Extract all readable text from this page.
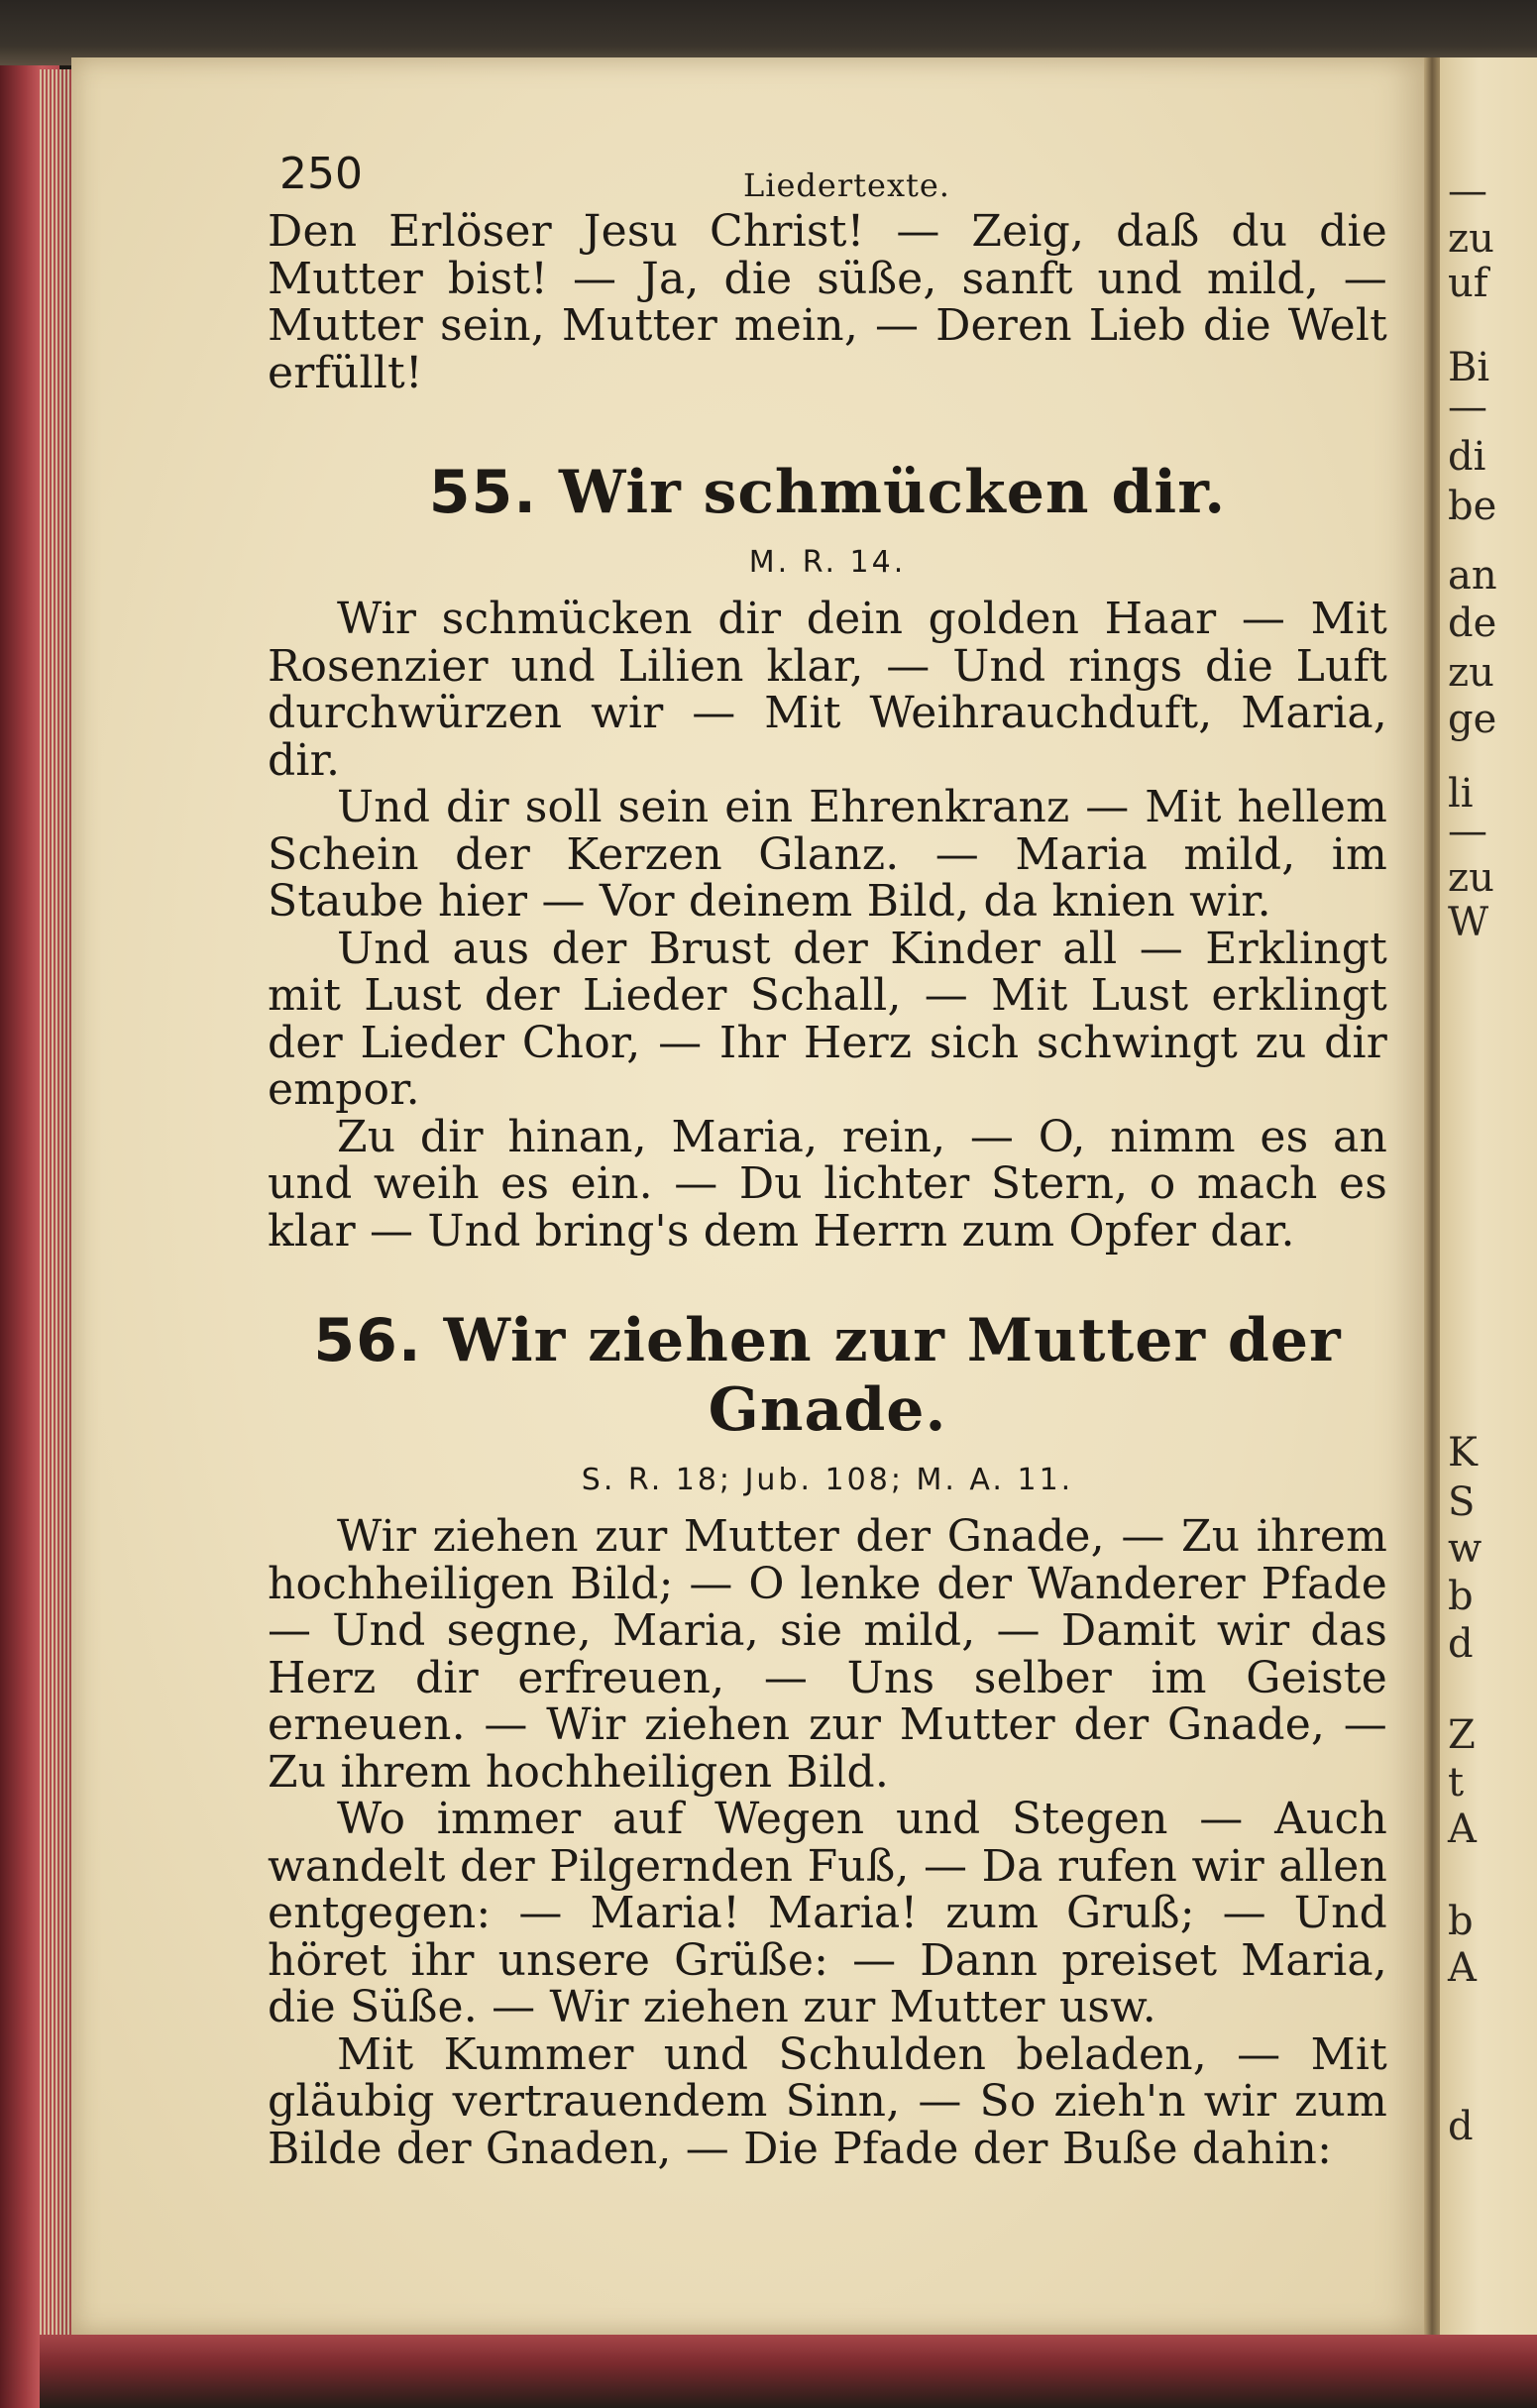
—
zu
uf
Bi
—
di
be
an
de
zu
ge
li
—
zu
W
K
S
w
b
d
Z
t
A
b
A
d
250	Liedertexte.

Den Erlöser Jesu Christ! — Zeig, daß du die Mutter bist! — Ja, die süße, sanft und mild, — Mutter sein, Mutter mein, — Deren Lieb die Welt erfüllt!

55. Wir schmücken dir.
M. R. 14.

Wir schmücken dir dein golden Haar — Mit Rosenzier und Lilien klar, — Und rings die Luft durchwürzen wir — Mit Weihrauchduft, Maria, dir.

Und dir soll sein ein Ehrenkranz — Mit hellem Schein der Kerzen Glanz. — Maria mild, im Staube hier — Vor deinem Bild, da knien wir.

Und aus der Brust der Kinder all — Erklingt mit Lust der Lieder Schall, — Mit Lust erklingt der Lieder Chor, — Ihr Herz sich schwingt zu dir empor.

Zu dir hinan, Maria, rein, — O, nimm es an und weih es ein. — Du lichter Stern, o mach es klar — Und bring's dem Herrn zum Opfer dar.

56. Wir ziehen zur Mutter der Gnade.
S. R. 18; Jub. 108; M. A. 11.

Wir ziehen zur Mutter der Gnade, — Zu ihrem hochheiligen Bild; — O lenke der Wanderer Pfade — Und segne, Maria, sie mild, — Damit wir das Herz dir erfreuen, — Uns selber im Geiste erneuen. — Wir ziehen zur Mutter der Gnade, — Zu ihrem hochheiligen Bild.

Wo immer auf Wegen und Stegen — Auch wandelt der Pilgernden Fuß, — Da rufen wir allen entgegen: — Maria! Maria! zum Gruß; — Und höret ihr unsere Grüße: — Dann preiset Maria, die Süße. — Wir ziehen zur Mutter usw.

Mit Kummer und Schulden beladen, — Mit gläubig vertrauendem Sinn, — So zieh'n wir zum Bilde der Gnaden, — Die Pfade der Buße dahin:
